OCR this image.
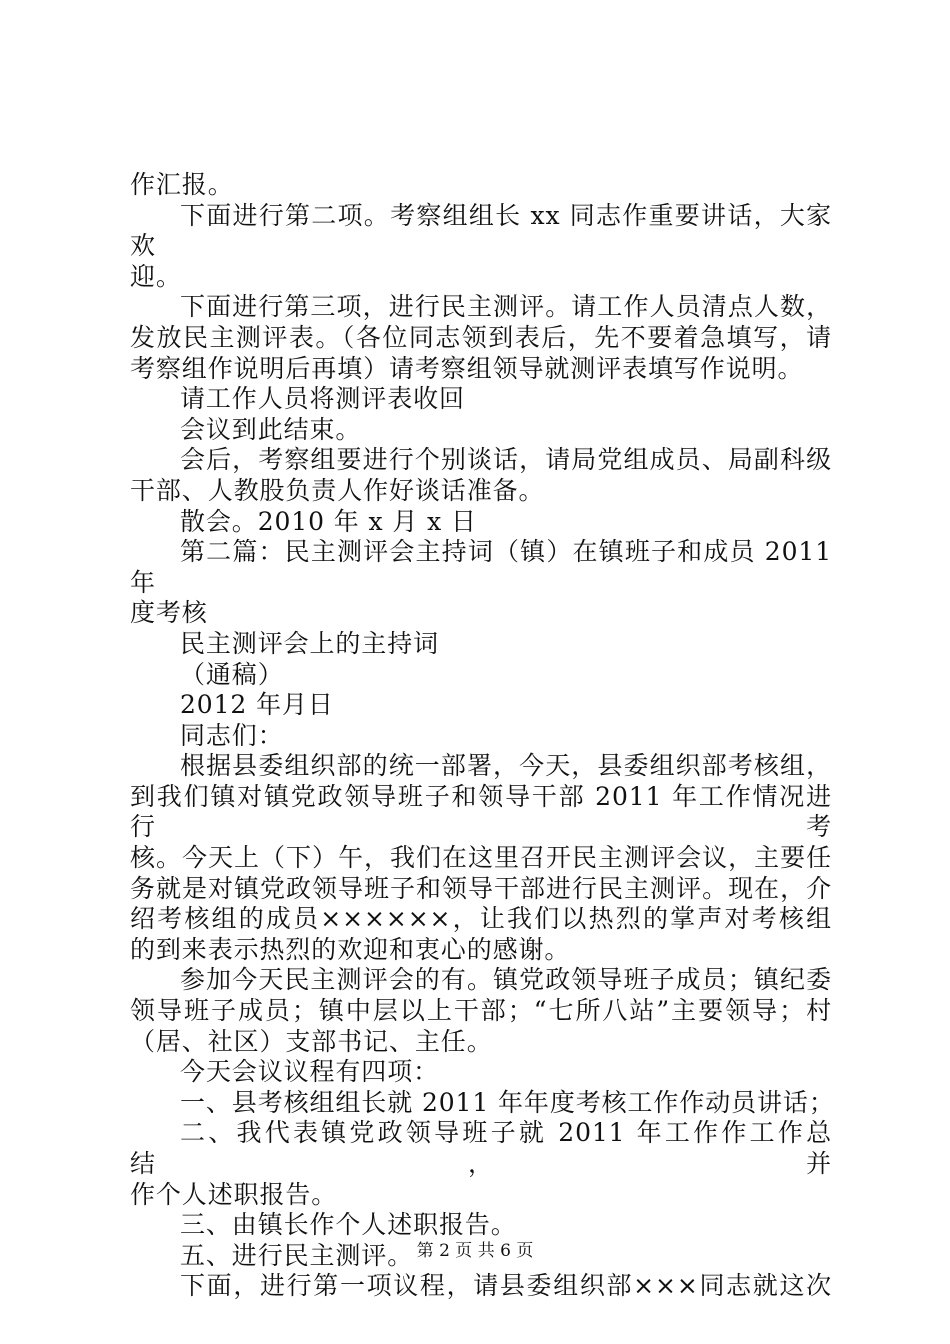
作汇报。

下面进行第二项。考察组组长 xx 同志作重要讲话，大家欢

迎。

下面进行第三项，进行民主测评。请工作人员清点人数，

发放民主测评表。（各位同志领到表后，先不要着急填写，请

考察组作说明后再填）请考察组领导就测评表填写作说明。

请工作人员将测评表收回

会议到此结束。

会后，考察组要进行个别谈话，请局党组成员、局副科级

干部、人教股负责人作好谈话准备。

散会。2010 年 x 月 x 日

第二篇：民主测评会主持词（镇）在镇班子和成员 2011 年

度考核

民主测评会上的主持词

（通稿）

2012 年月日

同志们：

根据县委组织部的统一部署，今天，县委组织部考核组，

到我们镇对镇党政领导班子和领导干部 2011 年工作情况进行考

核。今天上（下）午，我们在这里召开民主测评会议，主要任

务就是对镇党政领导班子和领导干部进行民主测评。现在，介

绍考核组的成员××××××，让我们以热烈的掌声对考核组

的到来表示热烈的欢迎和衷心的感谢。

参加今天民主测评会的有。镇党政领导班子成员；镇纪委

领导班子成员；镇中层以上干部；“七所八站”主要领导；村

（居、社区）支部书记、主任。

今天会议议程有四项：

一、县考核组组长就 2011 年年度考核工作作动员讲话；

二、我代表镇党政领导班子就 2011 年工作作工作总结，并

作个人述职报告。

三、由镇长作个人述职报告。

五、进行民主测评。

下面，进行第一项议程，请县委组织部×××同志就这次

第 2 页 共 6 页
